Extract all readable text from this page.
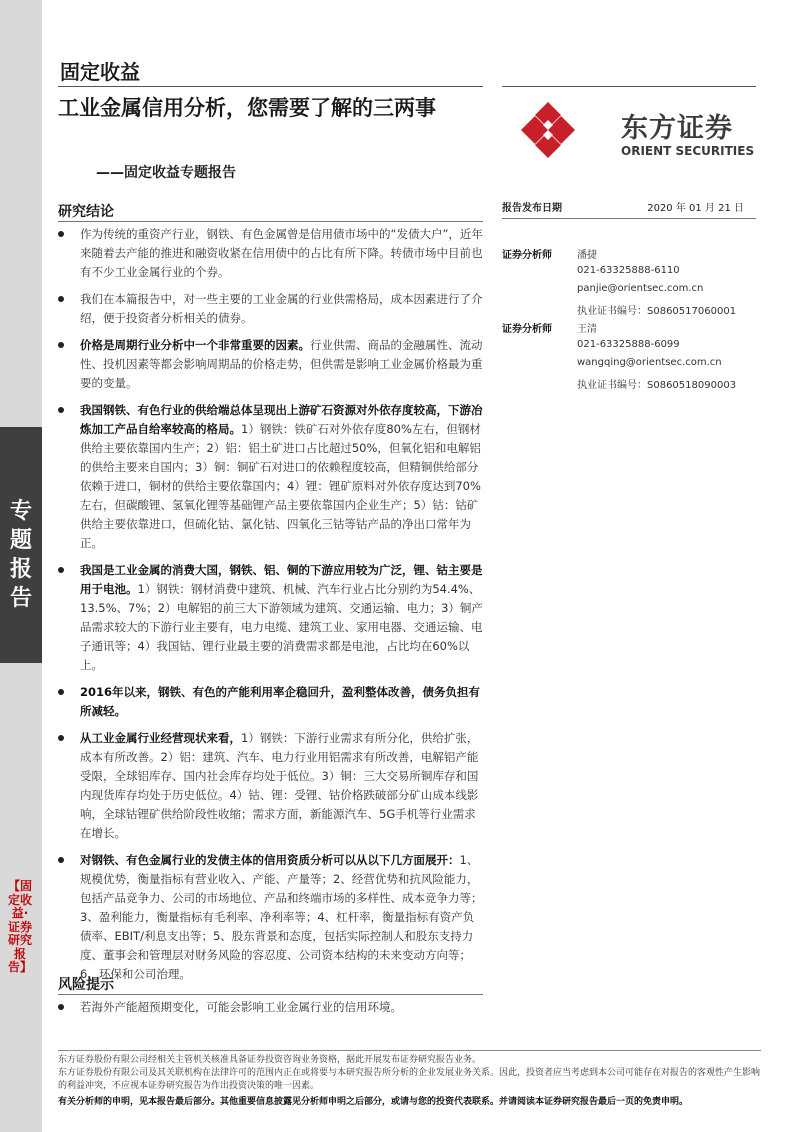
专题报告
【固定收益·证券研究报告】
固定收益
工业金属信用分析，您需要了解的三两事
——固定收益专题报告
东方证券
ORIENT SECURITIES
研究结论
作为传统的重资产行业，钢铁、有色金属曾是信用债市场中的“发债大户”，近年来随着去产能的推进和融资收紧在信用债中的占比有所下降。转债市场中目前也有不少工业金属行业的个券。
我们在本篇报告中，对一些主要的工业金属的行业供需格局，成本因素进行了介绍，便于投资者分析相关的债券。
价格是周期行业分析中一个非常重要的因素。行业供需、商品的金融属性、流动性、投机因素等都会影响周期品的价格走势，但供需是影响工业金属价格最为重要的变量。
我国钢铁、有色行业的供给端总体呈现出上游矿石资源对外依存度较高，下游冶炼加工产品自给率较高的格局。1）钢铁：铁矿石对外依存度80%左右，但钢材供给主要依靠国内生产；2）铝：铝土矿进口占比超过50%，但氧化铝和电解铝的供给主要来自国内；3）铜：铜矿石对进口的依赖程度较高，但精铜供给部分依赖于进口，铜材的供给主要依靠国内；4）锂：锂矿原料对外依存度达到70%左右，但碳酸锂、氢氧化锂等基础锂产品主要依靠国内企业生产；5）钴：钴矿供给主要依靠进口，但硫化钴、氯化钴、四氧化三钴等钴产品的净出口常年为正。
我国是工业金属的消费大国，钢铁、铝、铜的下游应用较为广泛，锂、钴主要是用于电池。1）钢铁：钢材消费中建筑、机械、汽车行业占比分别约为54.4%、13.5%、7%；2）电解铝的前三大下游领域为建筑、交通运输、电力；3）铜产品需求较大的下游行业主要有，电力电缆、建筑工业、家用电器、交通运输、电子通讯等；4）我国钴、锂行业最主要的消费需求都是电池，占比均在60%以上。
2016年以来，钢铁、有色的产能利用率企稳回升，盈利整体改善，债务负担有所减轻。
从工业金属行业经营现状来看，1）钢铁：下游行业需求有所分化，供给扩张，成本有所改善。2）铝：建筑、汽车、电力行业用铝需求有所改善，电解铝产能受限，全球铝库存、国内社会库存均处于低位。3）铜：三大交易所铜库存和国内现货库存均处于历史低位。4）钴、锂：受锂、钴价格跌破部分矿山成本线影响，全球钴锂矿供给阶段性收缩；需求方面，新能源汽车、5G手机等行业需求在增长。
对钢铁、有色金属行业的发债主体的信用资质分析可以从以下几方面展开：1、规模优势，衡量指标有营业收入、产能、产量等；2、经营优势和抗风险能力，包括产品竞争力、公司的市场地位、产品和终端市场的多样性、成本竞争力等；3、盈利能力，衡量指标有毛利率、净利率等；4、杠杆率，衡量指标有资产负债率、EBIT/利息支出等；5、股东背景和态度，包括实际控制人和股东支持力度、董事会和管理层对财务风险的容忍度、公司资本结构的未来变动方向等；6、环保和公司治理。
风险提示
若海外产能超预期变化，可能会影响工业金属行业的信用环境。
报告发布日期	2020 年 01 月 21 日
证券分析师	潘捷
021-63325888-6110
panjie@orientsec.com.cn
执业证书编号：S0860517060001
证券分析师	王清
021-63325888-6099
wangqing@orientsec.com.cn
执业证书编号：S0860518090003
东方证券股份有限公司经相关主管机关核准具备证券投资咨询业务资格，据此开展发布证券研究报告业务。
东方证券股份有限公司及其关联机构在法律许可的范围内正在或将要与本研究报告所分析的企业发展业务关系。因此，投资者应当考虑到本公司可能存在对报告的客观性产生影响的利益冲突，不应视本证券研究报告为作出投资决策的唯一因素。
有关分析师的申明，见本报告最后部分。其他重要信息披露见分析师申明之后部分，或请与您的投资代表联系。并请阅读本证券研究报告最后一页的免责申明。
